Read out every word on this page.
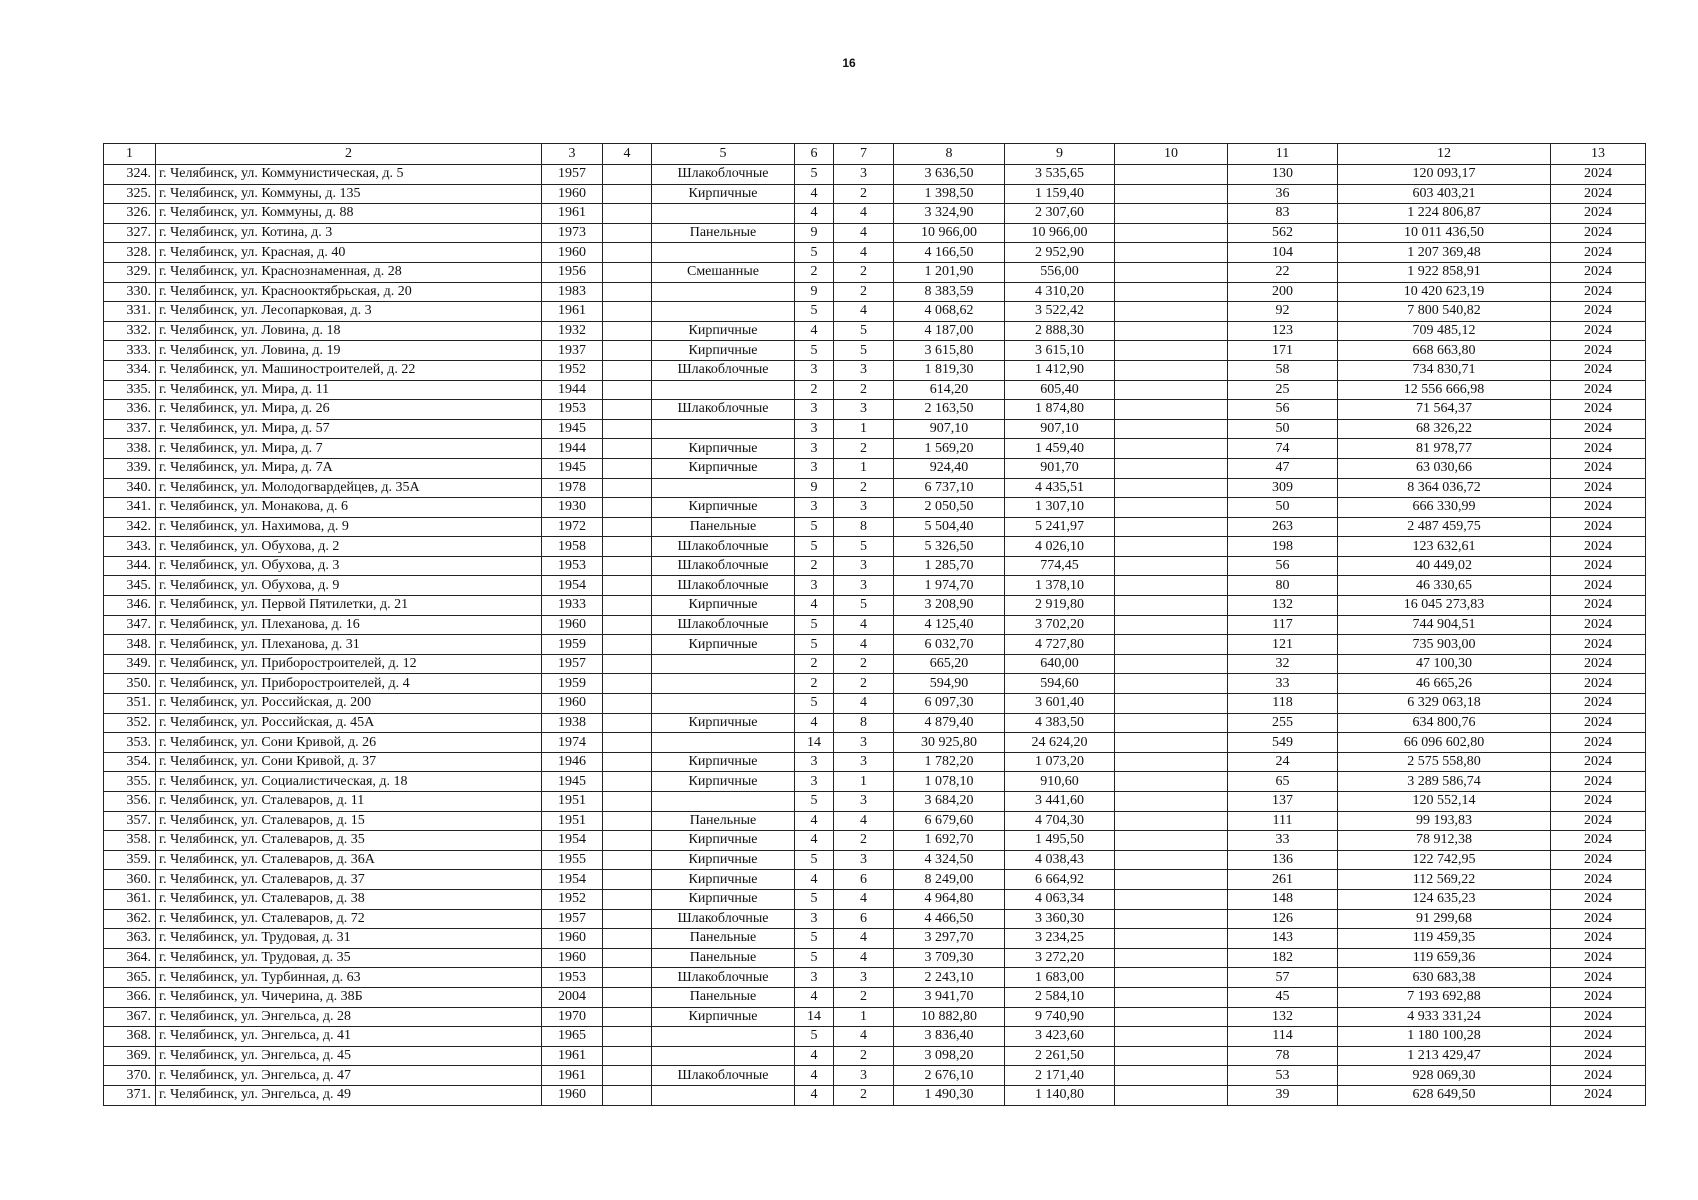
16
1	2	3	4	5	6	7	8	9	10	11	12	13
324.	г. Челябинск, ул. Коммунистическая, д. 5	1957		Шлакоблочные	5	3	3 636,50	3 535,65		130	120 093,17	2024
325.	г. Челябинск, ул. Коммуны, д. 135	1960		Кирпичные	4	2	1 398,50	1 159,40		36	603 403,21	2024
326.	г. Челябинск, ул. Коммуны, д. 88	1961			4	4	3 324,90	2 307,60		83	1 224 806,87	2024
327.	г. Челябинск, ул. Котина, д. 3	1973		Панельные	9	4	10 966,00	10 966,00		562	10 011 436,50	2024
328.	г. Челябинск, ул. Красная, д. 40	1960			5	4	4 166,50	2 952,90		104	1 207 369,48	2024
329.	г. Челябинск, ул. Краснознаменная, д. 28	1956		Смешанные	2	2	1 201,90	556,00		22	1 922 858,91	2024
330.	г. Челябинск, ул. Краснооктябрьская, д. 20	1983			9	2	8 383,59	4 310,20		200	10 420 623,19	2024
331.	г. Челябинск, ул. Лесопарковая, д. 3	1961			5	4	4 068,62	3 522,42		92	7 800 540,82	2024
332.	г. Челябинск, ул. Ловина, д. 18	1932		Кирпичные	4	5	4 187,00	2 888,30		123	709 485,12	2024
333.	г. Челябинск, ул. Ловина, д. 19	1937		Кирпичные	5	5	3 615,80	3 615,10		171	668 663,80	2024
334.	г. Челябинск, ул. Машиностроителей, д. 22	1952		Шлакоблочные	3	3	1 819,30	1 412,90		58	734 830,71	2024
335.	г. Челябинск, ул. Мира, д. 11	1944			2	2	614,20	605,40		25	12 556 666,98	2024
336.	г. Челябинск, ул. Мира, д. 26	1953		Шлакоблочные	3	3	2 163,50	1 874,80		56	71 564,37	2024
337.	г. Челябинск, ул. Мира, д. 57	1945			3	1	907,10	907,10		50	68 326,22	2024
338.	г. Челябинск, ул. Мира, д. 7	1944		Кирпичные	3	2	1 569,20	1 459,40		74	81 978,77	2024
339.	г. Челябинск, ул. Мира, д. 7А	1945		Кирпичные	3	1	924,40	901,70		47	63 030,66	2024
340.	г. Челябинск, ул. Молодогвардейцев, д. 35А	1978			9	2	6 737,10	4 435,51		309	8 364 036,72	2024
341.	г. Челябинск, ул. Монакова, д. 6	1930		Кирпичные	3	3	2 050,50	1 307,10		50	666 330,99	2024
342.	г. Челябинск, ул. Нахимова, д. 9	1972		Панельные	5	8	5 504,40	5 241,97		263	2 487 459,75	2024
343.	г. Челябинск, ул. Обухова, д. 2	1958		Шлакоблочные	5	5	5 326,50	4 026,10		198	123 632,61	2024
344.	г. Челябинск, ул. Обухова, д. 3	1953		Шлакоблочные	2	3	1 285,70	774,45		56	40 449,02	2024
345.	г. Челябинск, ул. Обухова, д. 9	1954		Шлакоблочные	3	3	1 974,70	1 378,10		80	46 330,65	2024
346.	г. Челябинск, ул. Первой Пятилетки, д. 21	1933		Кирпичные	4	5	3 208,90	2 919,80		132	16 045 273,83	2024
347.	г. Челябинск, ул. Плеханова, д. 16	1960		Шлакоблочные	5	4	4 125,40	3 702,20		117	744 904,51	2024
348.	г. Челябинск, ул. Плеханова, д. 31	1959		Кирпичные	5	4	6 032,70	4 727,80		121	735 903,00	2024
349.	г. Челябинск, ул. Приборостроителей, д. 12	1957			2	2	665,20	640,00		32	47 100,30	2024
350.	г. Челябинск, ул. Приборостроителей, д. 4	1959			2	2	594,90	594,60		33	46 665,26	2024
351.	г. Челябинск, ул. Российская, д. 200	1960			5	4	6 097,30	3 601,40		118	6 329 063,18	2024
352.	г. Челябинск, ул. Российская, д. 45А	1938		Кирпичные	4	8	4 879,40	4 383,50		255	634 800,76	2024
353.	г. Челябинск, ул. Сони Кривой, д. 26	1974			14	3	30 925,80	24 624,20		549	66 096 602,80	2024
354.	г. Челябинск, ул. Сони Кривой, д. 37	1946		Кирпичные	3	3	1 782,20	1 073,20		24	2 575 558,80	2024
355.	г. Челябинск, ул. Социалистическая, д. 18	1945		Кирпичные	3	1	1 078,10	910,60		65	3 289 586,74	2024
356.	г. Челябинск, ул. Сталеваров, д. 11	1951			5	3	3 684,20	3 441,60		137	120 552,14	2024
357.	г. Челябинск, ул. Сталеваров, д. 15	1951		Панельные	4	4	6 679,60	4 704,30		111	99 193,83	2024
358.	г. Челябинск, ул. Сталеваров, д. 35	1954		Кирпичные	4	2	1 692,70	1 495,50		33	78 912,38	2024
359.	г. Челябинск, ул. Сталеваров, д. 36А	1955		Кирпичные	5	3	4 324,50	4 038,43		136	122 742,95	2024
360.	г. Челябинск, ул. Сталеваров, д. 37	1954		Кирпичные	4	6	8 249,00	6 664,92		261	112 569,22	2024
361.	г. Челябинск, ул. Сталеваров, д. 38	1952		Кирпичные	5	4	4 964,80	4 063,34		148	124 635,23	2024
362.	г. Челябинск, ул. Сталеваров, д. 72	1957		Шлакоблочные	3	6	4 466,50	3 360,30		126	91 299,68	2024
363.	г. Челябинск, ул. Трудовая, д. 31	1960		Панельные	5	4	3 297,70	3 234,25		143	119 459,35	2024
364.	г. Челябинск, ул. Трудовая, д. 35	1960		Панельные	5	4	3 709,30	3 272,20		182	119 659,36	2024
365.	г. Челябинск, ул. Турбинная, д. 63	1953		Шлакоблочные	3	3	2 243,10	1 683,00		57	630 683,38	2024
366.	г. Челябинск, ул. Чичерина, д. 38Б	2004		Панельные	4	2	3 941,70	2 584,10		45	7 193 692,88	2024
367.	г. Челябинск, ул. Энгельса, д. 28	1970		Кирпичные	14	1	10 882,80	9 740,90		132	4 933 331,24	2024
368.	г. Челябинск, ул. Энгельса, д. 41	1965			5	4	3 836,40	3 423,60		114	1 180 100,28	2024
369.	г. Челябинск, ул. Энгельса, д. 45	1961			4	2	3 098,20	2 261,50		78	1 213 429,47	2024
370.	г. Челябинск, ул. Энгельса, д. 47	1961		Шлакоблочные	4	3	2 676,10	2 171,40		53	928 069,30	2024
371.	г. Челябинск, ул. Энгельса, д. 49	1960			4	2	1 490,30	1 140,80		39	628 649,50	2024
